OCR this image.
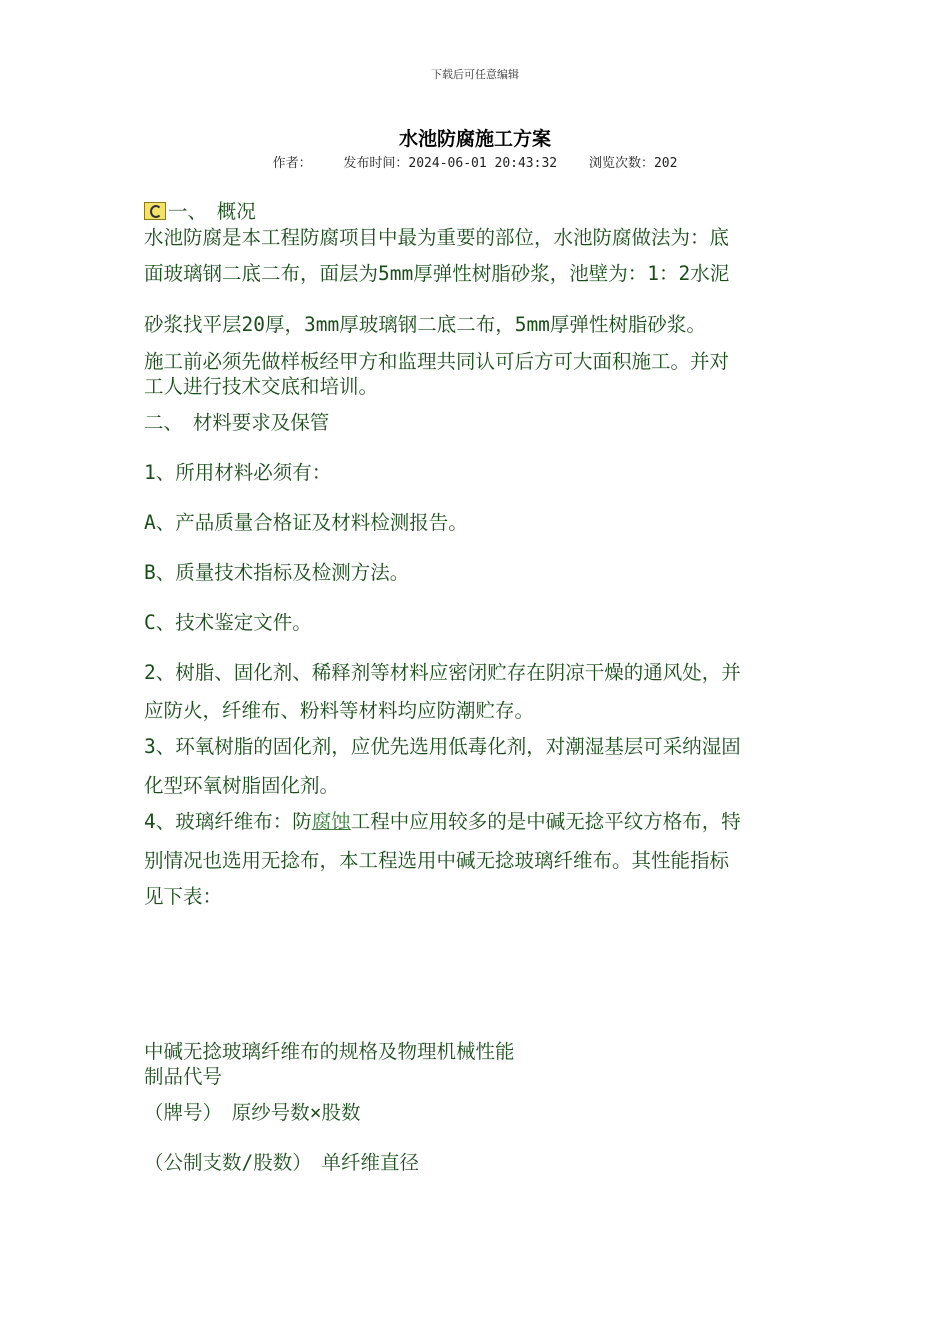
下载后可任意编辑
水池防腐施工方案
作者： 发布时间：2024-06-01 20:43:32 浏览次数：202
一、　概况
水池防腐是本工程防腐项目中最为重要的部位，水池防腐做法为：底
面玻璃钢二底二布，面层为5mm厚弹性树脂砂浆，池壁为：1：2水泥
砂浆找平层20厚，3mm厚玻璃钢二底二布，5mm厚弹性树脂砂浆。
施工前必须先做样板经甲方和监理共同认可后方可大面积施工。并对
工人进行技术交底和培训。
二、　材料要求及保管
1、所用材料必须有：
A、产品质量合格证及材料检测报告。
B、质量技术指标及检测方法。
C、技术鉴定文件。
2、树脂、固化剂、稀释剂等材料应密闭贮存在阴凉干燥的通风处，并
应防火，纤维布、粉料等材料均应防潮贮存。
3、环氧树脂的固化剂，应优先选用低毒化剂，对潮湿基层可采纳湿固
化型环氧树脂固化剂。
4、玻璃纤维布：防腐蚀工程中应用较多的是中碱无捻平纹方格布，特
别情况也选用无捻布，本工程选用中碱无捻玻璃纤维布。其性能指标
见下表：
中碱无捻玻璃纤维布的规格及物理机械性能
制品代号
（牌号）　原纱号数×股数
（公制支数/股数）　单纤维直径
